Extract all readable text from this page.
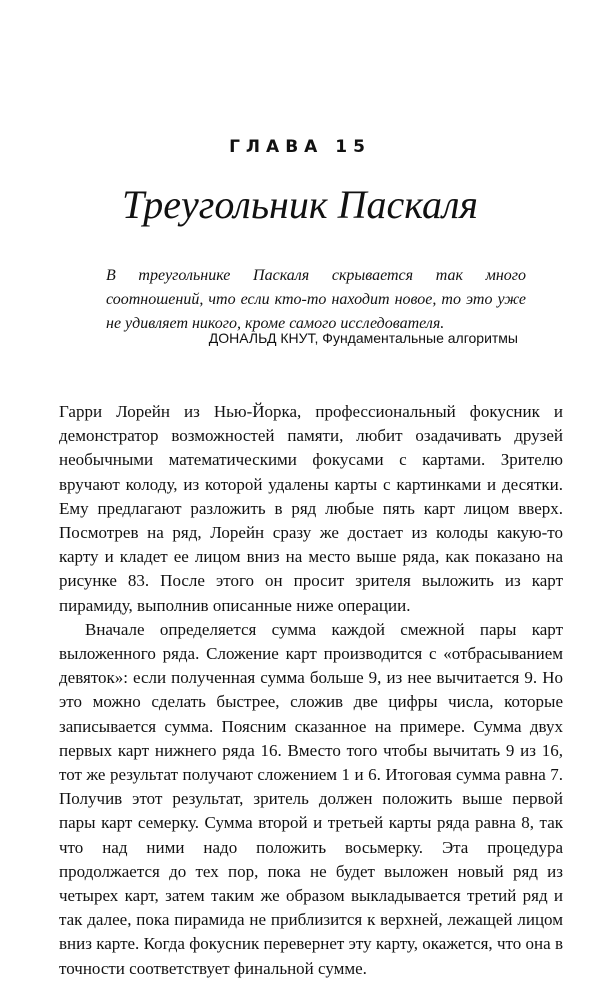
ГЛАВА 15
Треугольник Паскаля
В треугольнике Паскаля скрывается так много соотношений, что если кто-то находит новое, то это уже не удивляет никого, кроме самого исследователя.
ДОНАЛЬД КНУТ, Фундаментальные алгоритмы

Гарри Лорейн из Нью-Йорка, профессиональный фокусник и демонстратор возможностей памяти, любит озадачивать друзей необычными математическими фокусами с картами. Зрителю вручают колоду, из которой удалены карты с картинками и десятки. Ему предлагают разложить в ряд любые пять карт лицом вверх. Посмотрев на ряд, Лорейн сразу же достает из колоды какую-то карту и кладет ее лицом вниз на место выше ряда, как показано на рисунке 83. После этого он просит зрителя выложить из карт пирамиду, выполнив описанные ниже операции.

Вначале определяется сумма каждой смежной пары карт выложенного ряда. Сложение карт производится с «отбрасыванием девяток»: если полученная сумма больше 9, из нее вычитается 9. Но это можно сделать быстрее, сложив две цифры числа, которые записывается сумма. Поясним сказанное на примере. Сумма двух первых карт нижнего ряда 16. Вместо того чтобы вычитать 9 из 16, тот же результат получают сложением 1 и 6. Итоговая сумма равна 7. Получив этот результат, зритель должен положить выше первой пары карт семерку. Сумма второй и третьей карты ряда равна 8, так что над ними надо положить восьмерку. Эта процедура продолжается до тех пор, пока не будет выложен новый ряд из четырех карт, затем таким же образом выкладывается третий ряд и так далее, пока пирамида не приблизится к верхней, лежащей лицом вниз карте. Когда фокусник перевернет эту карту, окажется, что она в точности соответствует финальной сумме.
